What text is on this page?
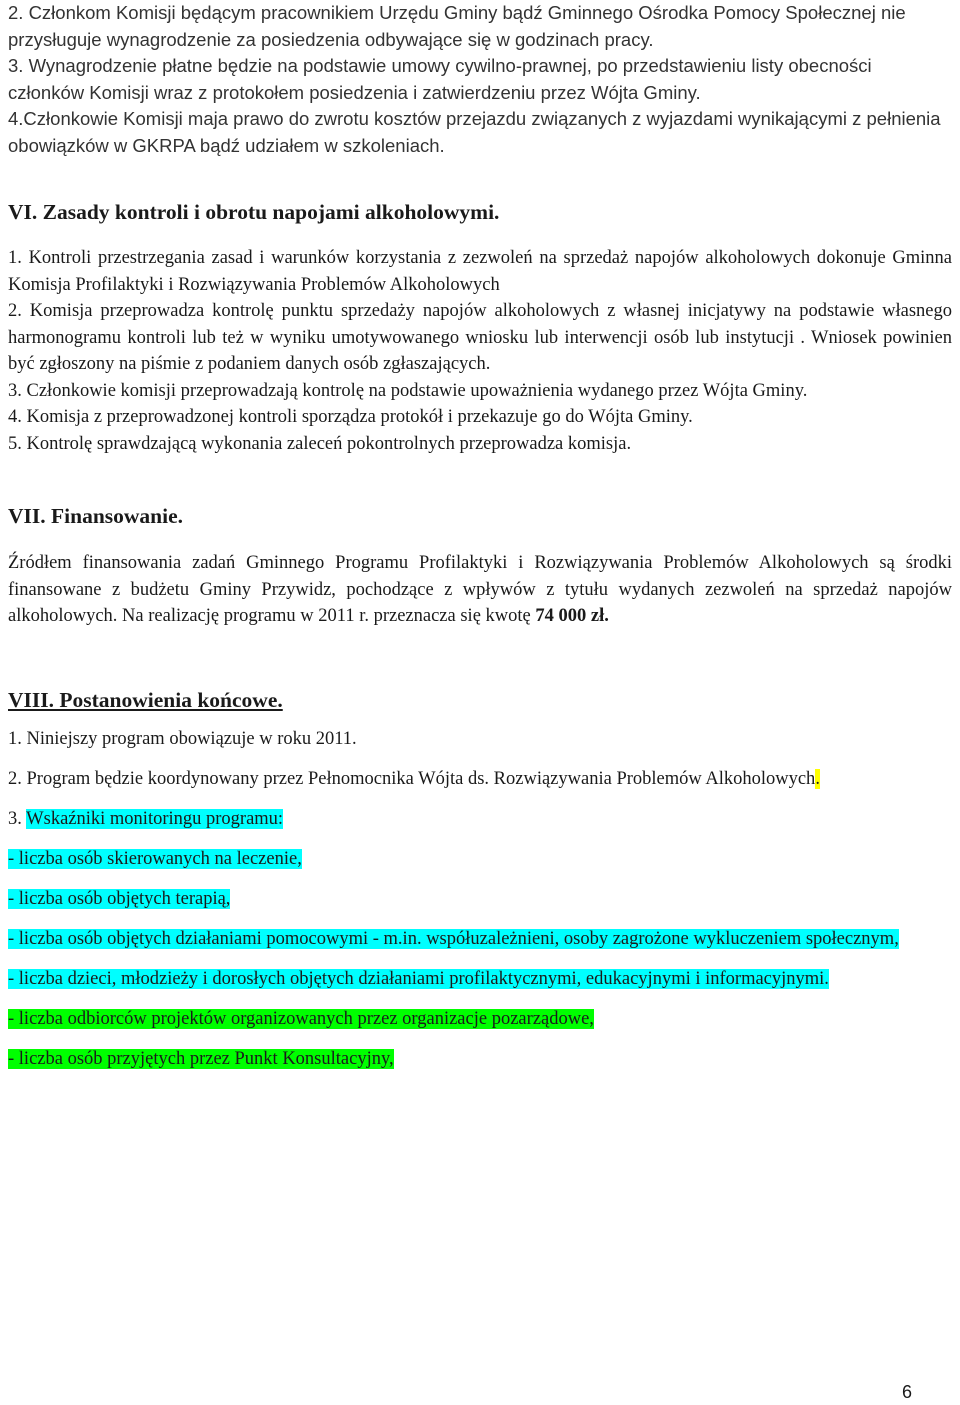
2. Członkom Komisji będącym pracownikiem Urzędu Gminy bądź Gminnego Ośrodka Pomocy Społecznej nie przysługuje wynagrodzenie za posiedzenia odbywające się w godzinach pracy.

3. Wynagrodzenie płatne będzie na podstawie umowy cywilno-prawnej, po przedstawieniu listy obecności członków Komisji wraz z protokołem posiedzenia i zatwierdzeniu przez Wójta Gminy.

4.Członkowie Komisji maja prawo do zwrotu kosztów przejazdu związanych z wyjazdami wynikającymi z pełnienia obowiązków w GKRPA bądź udziałem w szkoleniach.

VI. Zasady kontroli i obrotu napojami alkoholowymi.

1. Kontroli przestrzegania zasad i warunków korzystania z zezwoleń na sprzedaż napojów alkoholowych dokonuje Gminna Komisja Profilaktyki i Rozwiązywania Problemów Alkoholowych

2. Komisja przeprowadza kontrolę punktu sprzedaży napojów alkoholowych z własnej inicjatywy na podstawie własnego harmonogramu kontroli lub też w wyniku umotywowanego wniosku lub interwencji osób lub instytucji . Wniosek powinien być zgłoszony na piśmie z podaniem danych osób zgłaszających.

3. Członkowie komisji przeprowadzają kontrolę na podstawie upoważnienia wydanego przez Wójta Gminy.

4. Komisja z przeprowadzonej kontroli sporządza protokół i przekazuje go do Wójta Gminy.

5. Kontrolę sprawdzającą wykonania zaleceń pokontrolnych przeprowadza komisja.

VII. Finansowanie.

Źródłem finansowania zadań Gminnego Programu Profilaktyki i Rozwiązywania Problemów Alkoholowych są środki finansowane z budżetu Gminy Przywidz, pochodzące z wpływów z tytułu wydanych zezwoleń na sprzedaż napojów alkoholowych. Na realizację programu w 2011 r. przeznacza się kwotę 74 000 zł.

VIII. Postanowienia końcowe.

1. Niniejszy program obowiązuje w roku 2011.

2. Program będzie koordynowany przez Pełnomocnika Wójta ds. Rozwiązywania Problemów Alkoholowych.

3. Wskaźniki monitoringu programu:

- liczba osób skierowanych na leczenie,

- liczba osób objętych terapią,

- liczba osób objętych działaniami pomocowymi - m.in. współuzależnieni, osoby zagrożone wykluczeniem społecznym,

- liczba dzieci, młodzieży i dorosłych objętych działaniami profilaktycznymi, edukacyjnymi i informacyjnymi.

- liczba odbiorców projektów organizowanych przez organizacje pozarządowe,

- liczba osób przyjętych przez Punkt Konsultacyjny,

6
